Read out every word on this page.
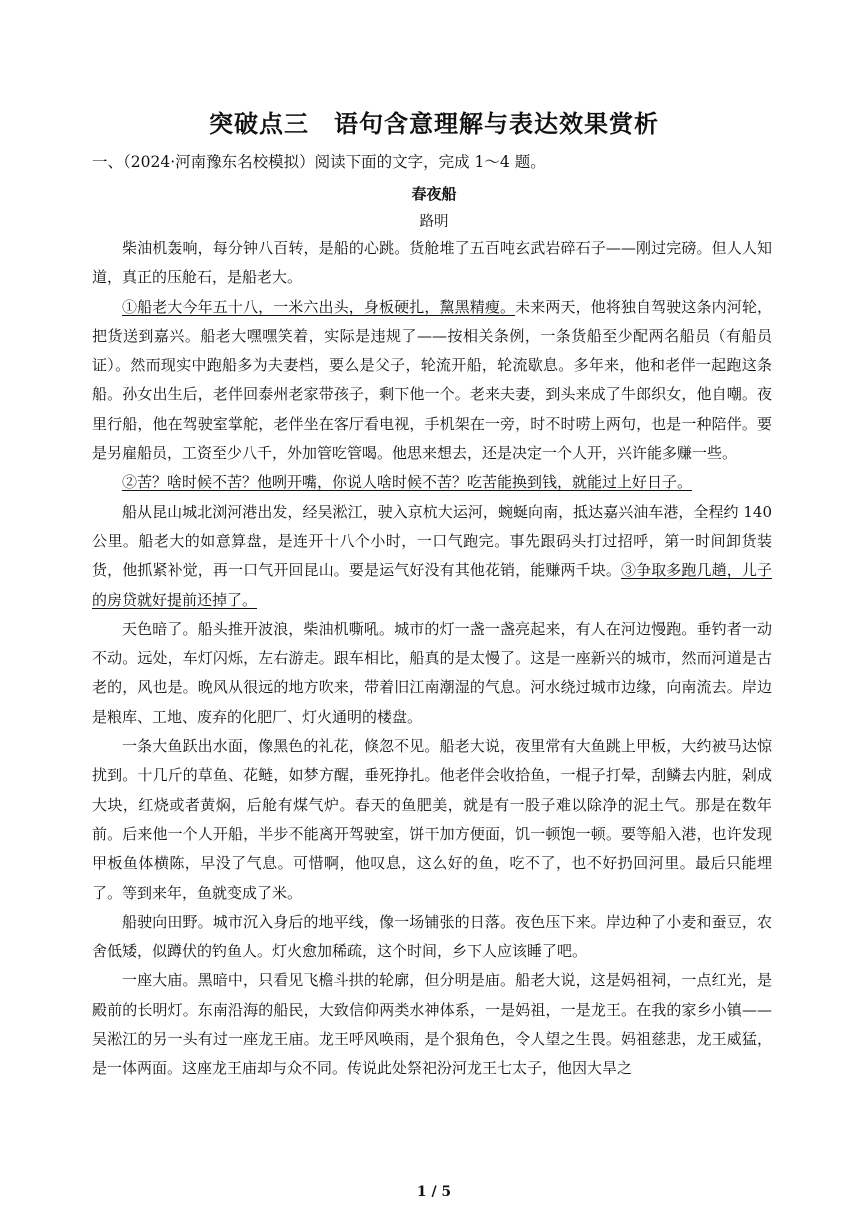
突破点三　语句含意理解与表达效果赏析
一、（2024·河南豫东名校模拟）阅读下面的文字，完成 1～4 题。
春夜船
路明

柴油机轰响，每分钟八百转，是船的心跳。货舱堆了五百吨玄武岩碎石子——刚过完磅。但人人知道，真正的压舱石，是船老大。

①船老大今年五十八，一米六出头，身板硬扎，黧黑精瘦。未来两天，他将独自驾驶这条内河轮，把货送到嘉兴。船老大嘿嘿笑着，实际是违规了——按相关条例，一条货船至少配两名船员（有船员证）。然而现实中跑船多为夫妻档，要么是父子，轮流开船，轮流歇息。多年来，他和老伴一起跑这条船。孙女出生后，老伴回泰州老家带孩子，剩下他一个。老来夫妻，到头来成了牛郎织女，他自嘲。夜里行船，他在驾驶室掌舵，老伴坐在客厅看电视，手机架在一旁，时不时唠上两句，也是一种陪伴。要是另雇船员，工资至少八千，外加管吃管喝。他思来想去，还是决定一个人开，兴许能多赚一些。

②苦？啥时候不苦？他咧开嘴，你说人啥时候不苦？吃苦能换到钱，就能过上好日子。

船从昆山城北浏河港出发，经吴淞江，驶入京杭大运河，蜿蜒向南，抵达嘉兴油车港，全程约 140 公里。船老大的如意算盘，是连开十八个小时，一口气跑完。事先跟码头打过招呼，第一时间卸货装货，他抓紧补觉，再一口气开回昆山。要是运气好没有其他花销，能赚两千块。③争取多跑几趟，儿子的房贷就好提前还掉了。

天色暗了。船头推开波浪，柴油机嘶吼。城市的灯一盏一盏亮起来，有人在河边慢跑。垂钓者一动不动。远处，车灯闪烁，左右游走。跟车相比，船真的是太慢了。这是一座新兴的城市，然而河道是古老的，风也是。晚风从很远的地方吹来，带着旧江南潮湿的气息。河水绕过城市边缘，向南流去。岸边是粮库、工地、废弃的化肥厂、灯火通明的楼盘。

一条大鱼跃出水面，像黑色的礼花，倏忽不见。船老大说，夜里常有大鱼跳上甲板，大约被马达惊扰到。十几斤的草鱼、花鲢，如梦方醒，垂死挣扎。他老伴会收拾鱼，一棍子打晕，刮鳞去内脏，剁成大块，红烧或者黄焖，后舱有煤气炉。春天的鱼肥美，就是有一股子难以除净的泥土气。那是在数年前。后来他一个人开船，半步不能离开驾驶室，饼干加方便面，饥一顿饱一顿。要等船入港，也许发现甲板鱼体横陈，早没了气息。可惜啊，他叹息，这么好的鱼，吃不了，也不好扔回河里。最后只能埋了。等到来年，鱼就变成了米。

船驶向田野。城市沉入身后的地平线，像一场铺张的日落。夜色压下来。岸边种了小麦和蚕豆，农舍低矮，似蹲伏的钓鱼人。灯火愈加稀疏，这个时间，乡下人应该睡了吧。

一座大庙。黑暗中，只看见飞檐斗拱的轮廓，但分明是庙。船老大说，这是妈祖祠，一点红光，是殿前的长明灯。东南沿海的船民，大致信仰两类水神体系，一是妈祖，一是龙王。在我的家乡小镇——吴淞江的另一头有过一座龙王庙。龙王呼风唤雨，是个狠角色，令人望之生畏。妈祖慈悲，龙王威猛，是一体两面。这座龙王庙却与众不同。传说此处祭祀汾河龙王七太子，他因大旱之

1 / 5
